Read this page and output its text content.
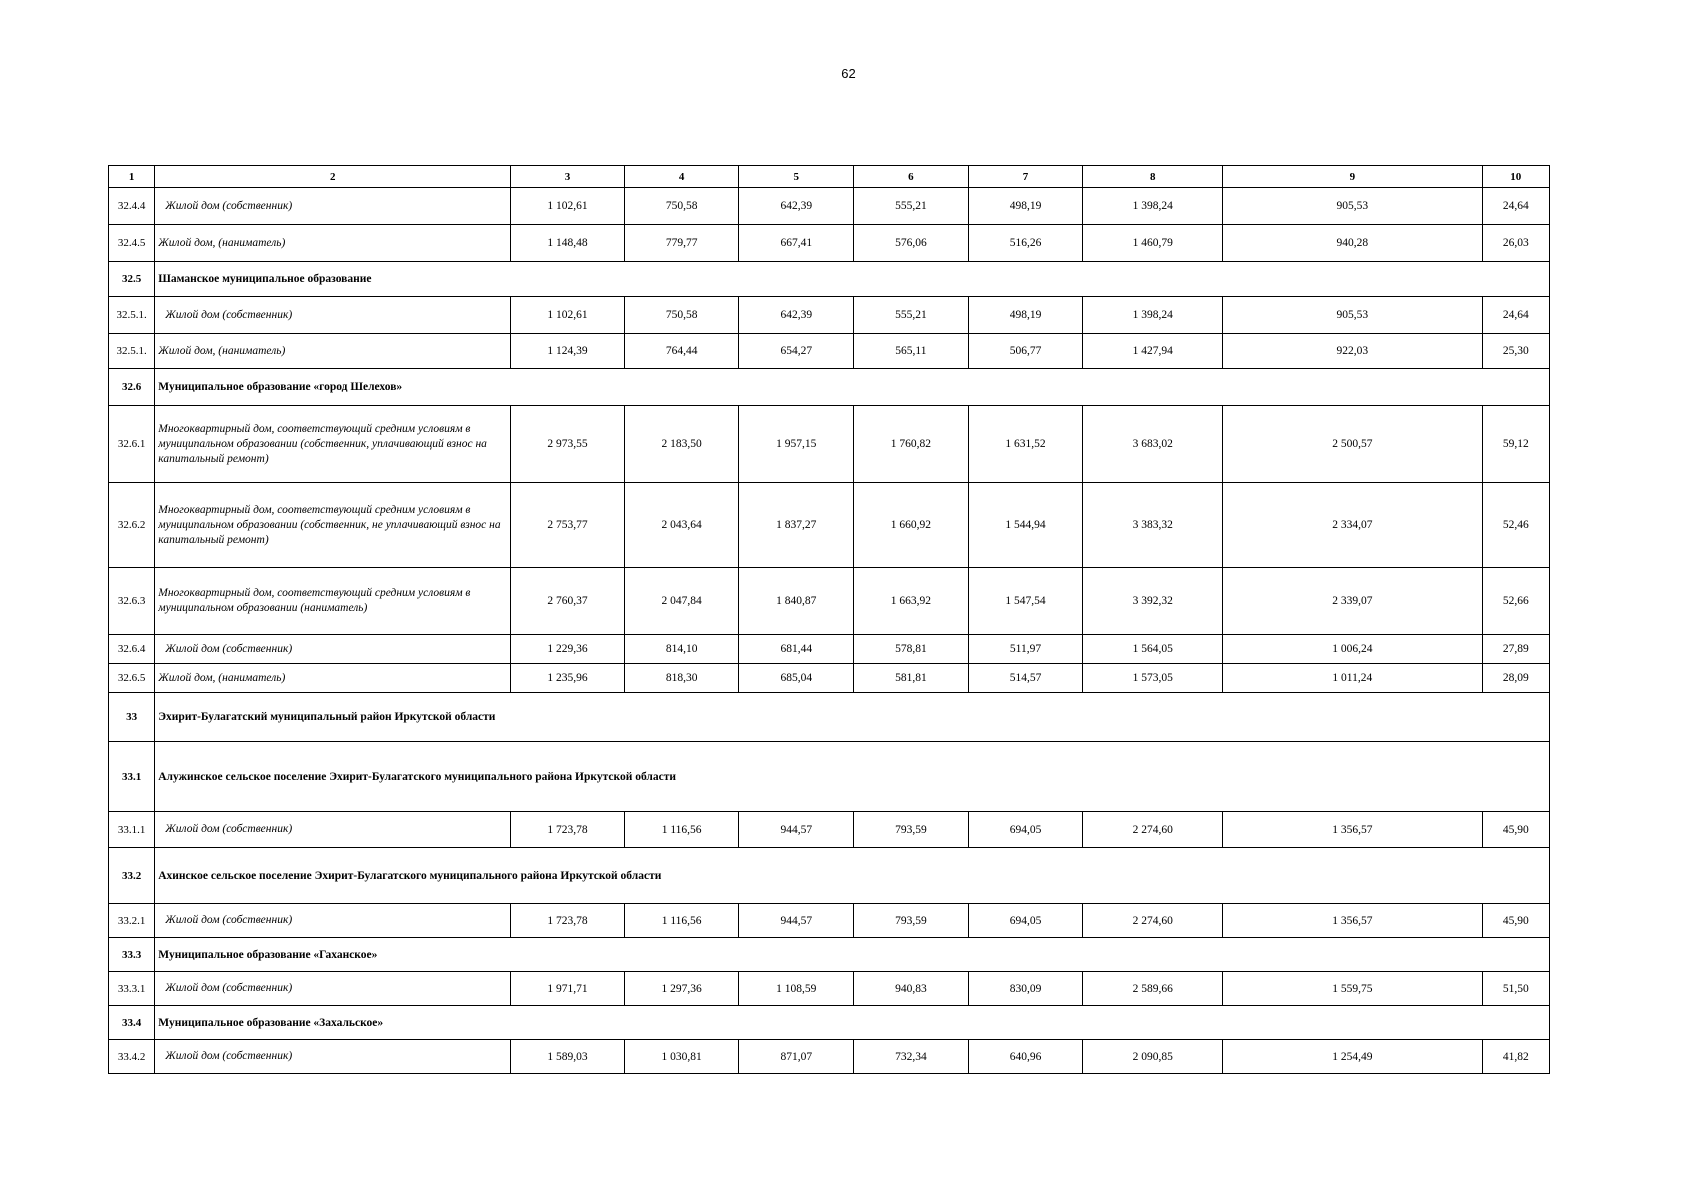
62
1	2	3	4	5	6	7	8	9	10
32.4.4	Жилой дом (собственник)	1 102,61	750,58	642,39	555,21	498,19	1 398,24	905,53	24,64
32.4.5	Жилой дом, (наниматель)	1 148,48	779,77	667,41	576,06	516,26	1 460,79	940,28	26,03
32.5	Шаманское муниципальное образование								
32.5.1.	Жилой дом (собственник)	1 102,61	750,58	642,39	555,21	498,19	1 398,24	905,53	24,64
32.5.1.	Жилой дом, (наниматель)	1 124,39	764,44	654,27	565,11	506,77	1 427,94	922,03	25,30
32.6	Муниципальное образование «город Шелехов»								
32.6.1	Многоквартирный дом, соответствующий средним условиям в муниципальном образовании (собственник, уплачивающий взнос на капитальный ремонт)	2 973,55	2 183,50	1 957,15	1 760,82	1 631,52	3 683,02	2 500,57	59,12
32.6.2	Многоквартирный дом, соответствующий средним условиям в муниципальном образовании (собственник, не уплачивающий взнос на капитальный ремонт)	2 753,77	2 043,64	1 837,27	1 660,92	1 544,94	3 383,32	2 334,07	52,46
32.6.3	Многоквартирный дом, соответствующий средним условиям в муниципальном образовании (наниматель)	2 760,37	2 047,84	1 840,87	1 663,92	1 547,54	3 392,32	2 339,07	52,66
32.6.4	Жилой дом (собственник)	1 229,36	814,10	681,44	578,81	511,97	1 564,05	1 006,24	27,89
32.6.5	Жилой дом, (наниматель)	1 235,96	818,30	685,04	581,81	514,57	1 573,05	1 011,24	28,09
33	Эхирит-Булагатский муниципальный район Иркутской области								
33.1	Алужинское сельское поселение Эхирит-Булагатского муниципального района Иркутской области								
33.1.1	Жилой дом (собственник)	1 723,78	1 116,56	944,57	793,59	694,05	2 274,60	1 356,57	45,90
33.2	Ахинское сельское поселение Эхирит-Булагатского муниципального района Иркутской области								
33.2.1	Жилой дом (собственник)	1 723,78	1 116,56	944,57	793,59	694,05	2 274,60	1 356,57	45,90
33.3	Муниципальное образование «Гаханское»								
33.3.1	Жилой дом (собственник)	1 971,71	1 297,36	1 108,59	940,83	830,09	2 589,66	1 559,75	51,50
33.4	Муниципальное образование «Захальское»								
33.4.2	Жилой дом (собственник)	1 589,03	1 030,81	871,07	732,34	640,96	2 090,85	1 254,49	41,82
